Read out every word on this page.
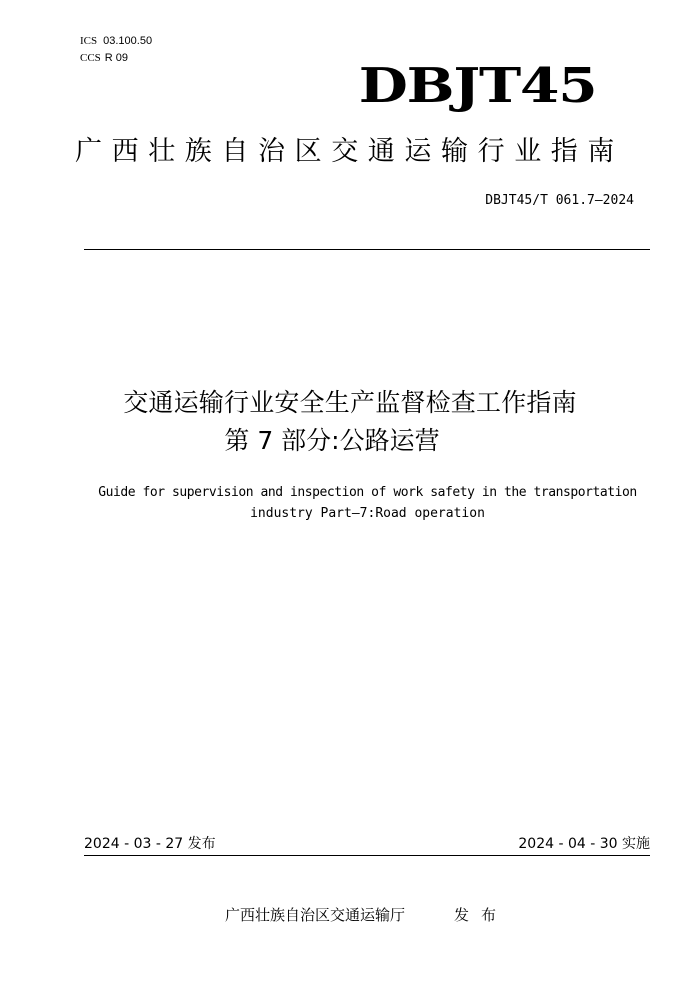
ICS 03.100.50
CCS R 09	DBJT45
广西壮族自治区交通运输行业指南
DBJT45/T 061.7—2024
交通运输行业安全生产监督检查工作指南
第 7 部分:公路运营
Guide for supervision and inspection of work safety in the transportation
industry Part—7:Road operation
2024 - 03 - 27 发布	2024 - 04 - 30 实施
广西壮族自治区交通运输厅	发布
